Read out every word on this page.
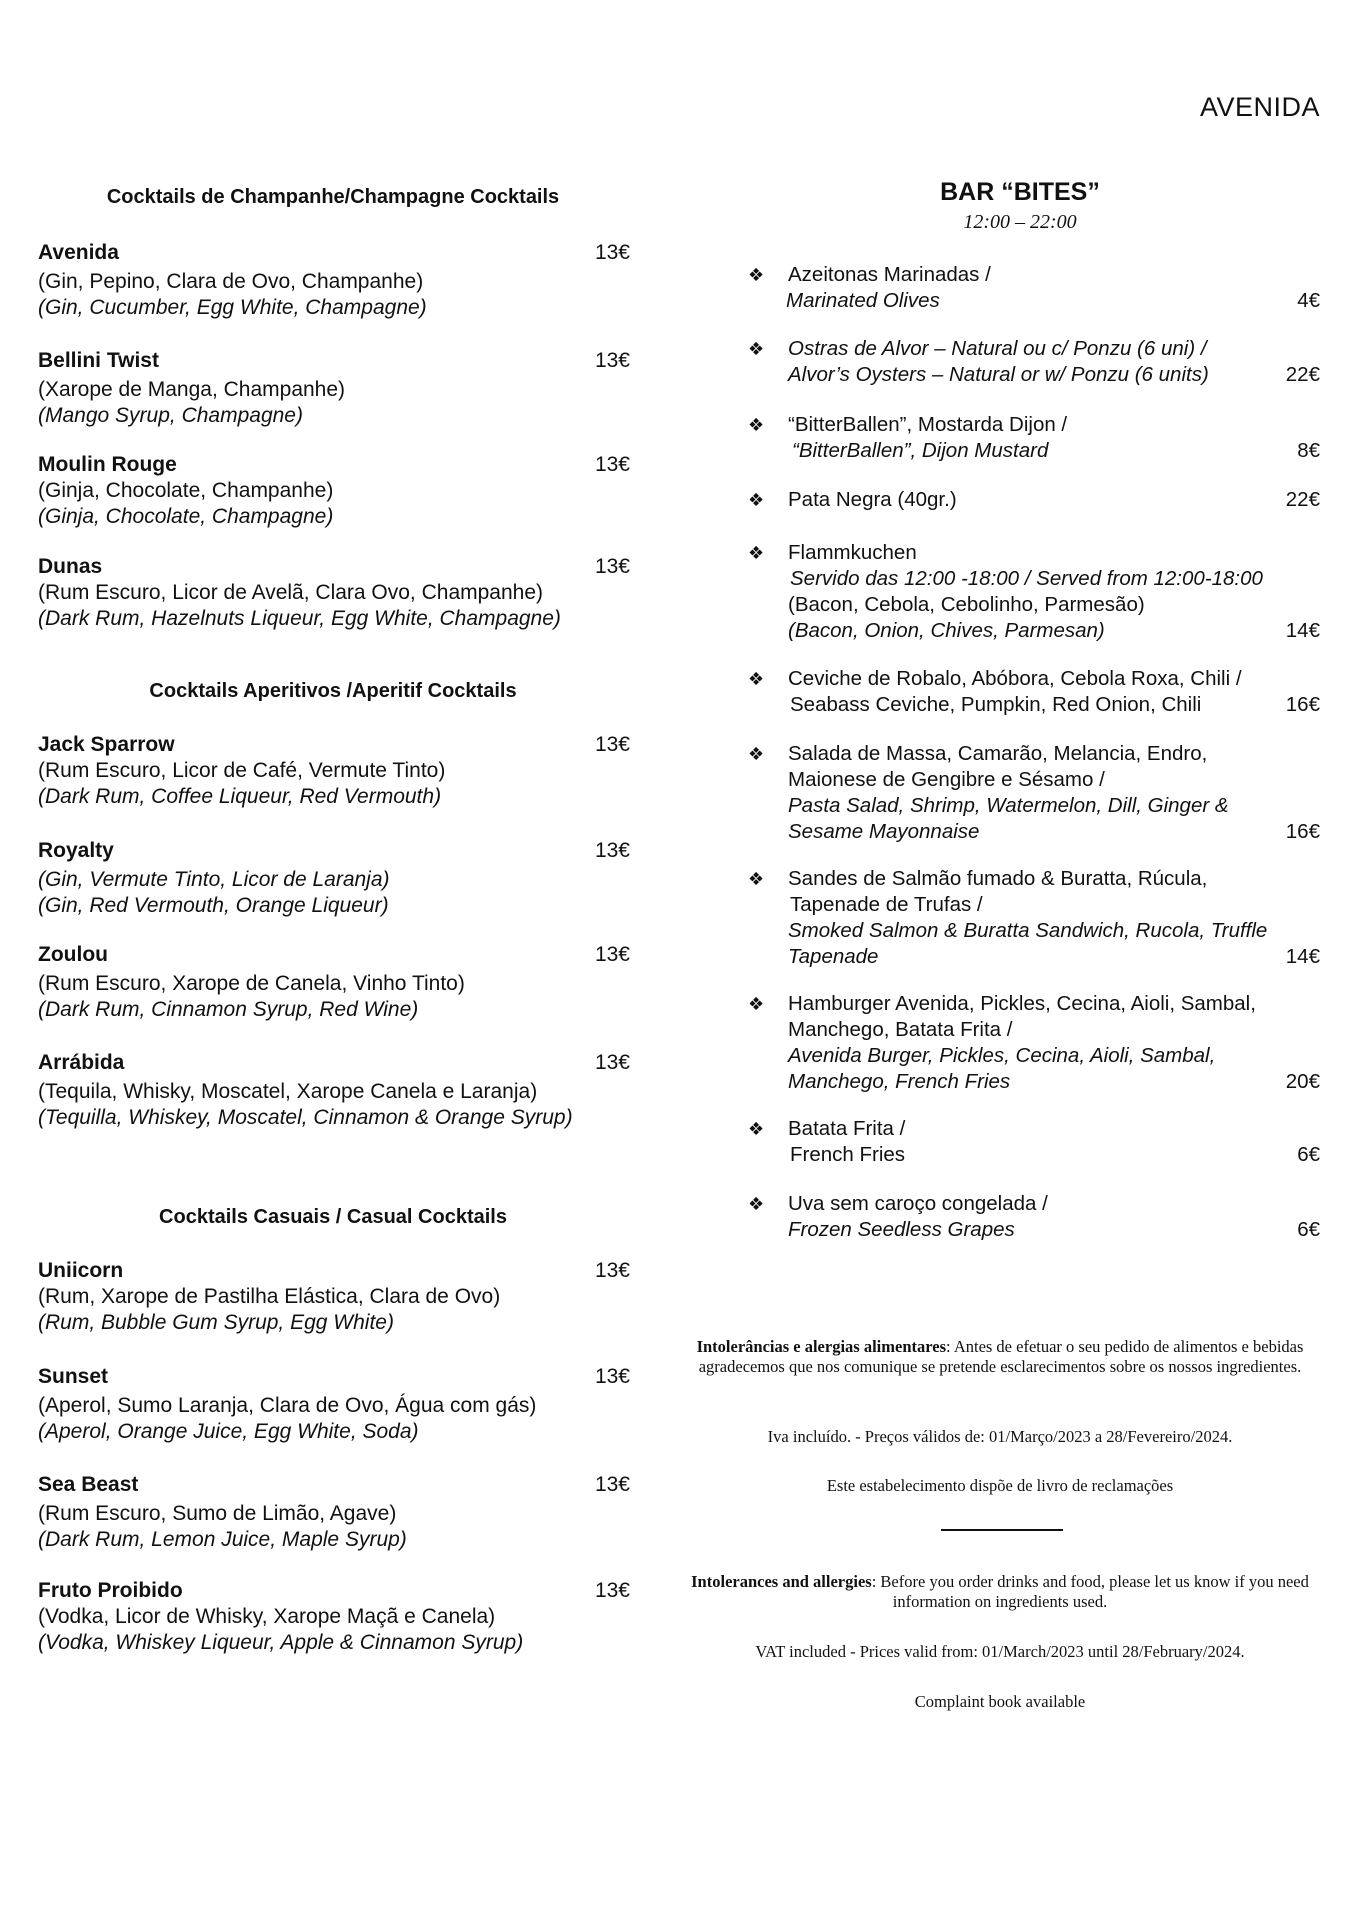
AVENIDA
Cocktails de Champanhe/Champagne Cocktails
Avenida	13€
(Gin, Pepino, Clara de Ovo, Champanhe)
(Gin, Cucumber, Egg White, Champagne)
Bellini Twist	13€
(Xarope de Manga, Champanhe)
(Mango Syrup, Champagne)
Moulin Rouge	13€
(Ginja, Chocolate, Champanhe)
(Ginja, Chocolate, Champagne)
Dunas	13€
(Rum Escuro, Licor de Avelã, Clara Ovo, Champanhe)
(Dark Rum, Hazelnuts Liqueur, Egg White, Champagne)
Cocktails Aperitivos /Aperitif Cocktails
Jack Sparrow	13€
(Rum Escuro, Licor de Café, Vermute Tinto)
(Dark Rum, Coffee Liqueur, Red Vermouth)
Royalty	13€
(Gin, Vermute Tinto, Licor de Laranja)
(Gin, Red Vermouth, Orange Liqueur)
Zoulou	13€
(Rum Escuro, Xarope de Canela, Vinho Tinto)
(Dark Rum, Cinnamon Syrup, Red Wine)
Arrábida	13€
(Tequila, Whisky, Moscatel, Xarope Canela e Laranja)
(Tequilla, Whiskey, Moscatel, Cinnamon & Orange Syrup)
Cocktails Casuais / Casual Cocktails
Uniicorn	13€
(Rum, Xarope de Pastilha Elástica, Clara de Ovo)
(Rum, Bubble Gum Syrup, Egg White)
Sunset	13€
(Aperol, Sumo Laranja, Clara de Ovo, Água com gás)
(Aperol, Orange Juice, Egg White, Soda)
Sea Beast	13€
(Rum Escuro, Sumo de Limão, Agave)
(Dark Rum, Lemon Juice, Maple Syrup)
Fruto Proibido	13€
(Vodka, Licor de Whisky, Xarope Maçã e Canela)
(Vodka, Whiskey Liqueur, Apple & Cinnamon Syrup)
BAR “BITES”
12:00 – 22:00
❖ Azeitonas Marinadas /
Marinated Olives	4€
❖ Ostras de Alvor – Natural ou c/ Ponzu (6 uni) /
Alvor’s Oysters – Natural or w/ Ponzu (6 units)	22€
❖ “BitterBallen”, Mostarda Dijon /
“BitterBallen”, Dijon Mustard	8€
❖ Pata Negra (40gr.)	22€
❖ Flammkuchen
Servido das 12:00 -18:00 / Served from 12:00-18:00
(Bacon, Cebola, Cebolinho, Parmesão)
(Bacon, Onion, Chives, Parmesan)	14€
❖ Ceviche de Robalo, Abóbora, Cebola Roxa, Chili /
Seabass Ceviche, Pumpkin, Red Onion, Chili	16€
❖ Salada de Massa, Camarão, Melancia, Endro,
Maionese de Gengibre e Sésamo /
Pasta Salad, Shrimp, Watermelon, Dill, Ginger &
Sesame Mayonnaise	16€
❖ Sandes de Salmão fumado & Buratta, Rúcula,
Tapenade de Trufas /
Smoked Salmon & Buratta Sandwich, Rucola, Truffle
Tapenade	14€
❖ Hamburger Avenida, Pickles, Cecina, Aioli, Sambal,
Manchego, Batata Frita /
Avenida Burger, Pickles, Cecina, Aioli, Sambal,
Manchego, French Fries	20€
❖ Batata Frita /
French Fries	6€
❖ Uva sem caroço congelada /
Frozen Seedless Grapes	6€
Intolerâncias e alergias alimentares: Antes de efetuar o seu pedido de alimentos e bebidas agradecemos que nos comunique se pretende esclarecimentos sobre os nossos ingredientes.
Iva incluído. - Preços válidos de: 01/Março/2023 a 28/Fevereiro/2024.
Este estabelecimento dispõe de livro de reclamações
Intolerances and allergies: Before you order drinks and food, please let us know if you need information on ingredients used.
VAT included - Prices valid from: 01/March/2023 until 28/February/2024.
Complaint book available
